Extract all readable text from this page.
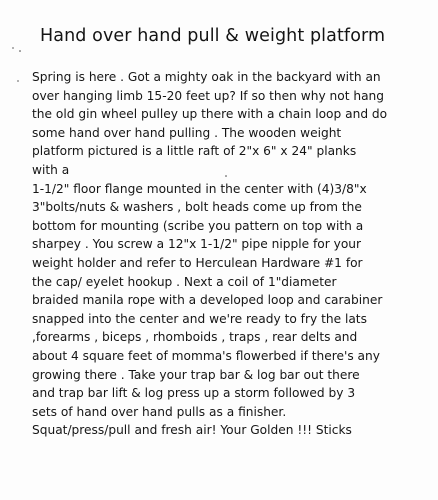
Hand over hand pull & weight platform
Spring is here . Got a mighty oak in the backyard with an
over hanging limb 15-20 feet up? If so then why not hang
the old gin wheel pulley up there with a chain loop and do
some hand over hand pulling . The wooden weight
platform pictured is a little raft of 2"x 6" x 24" planks
with a
1-1/2" floor flange mounted in the center with (4)3/8"x
3"bolts/nuts & washers , bolt heads come up from the
bottom for mounting (scribe you pattern on top with a
sharpey . You screw a 12"x 1-1/2" pipe nipple for your
weight holder and refer to Herculean Hardware #1 for
the cap/ eyelet hookup . Next a coil of 1"diameter
braided manila rope with a developed loop and carabiner
snapped into the center and we're ready to fry the lats
,forearms , biceps , rhomboids , traps , rear delts and
about 4 square feet of momma's flowerbed if there's any
growing there . Take your trap bar & log bar out there
and trap bar lift & log press up a storm followed by 3
sets of hand over hand pulls as a finisher.
Squat/press/pull and fresh air! Your Golden !!! Sticks
